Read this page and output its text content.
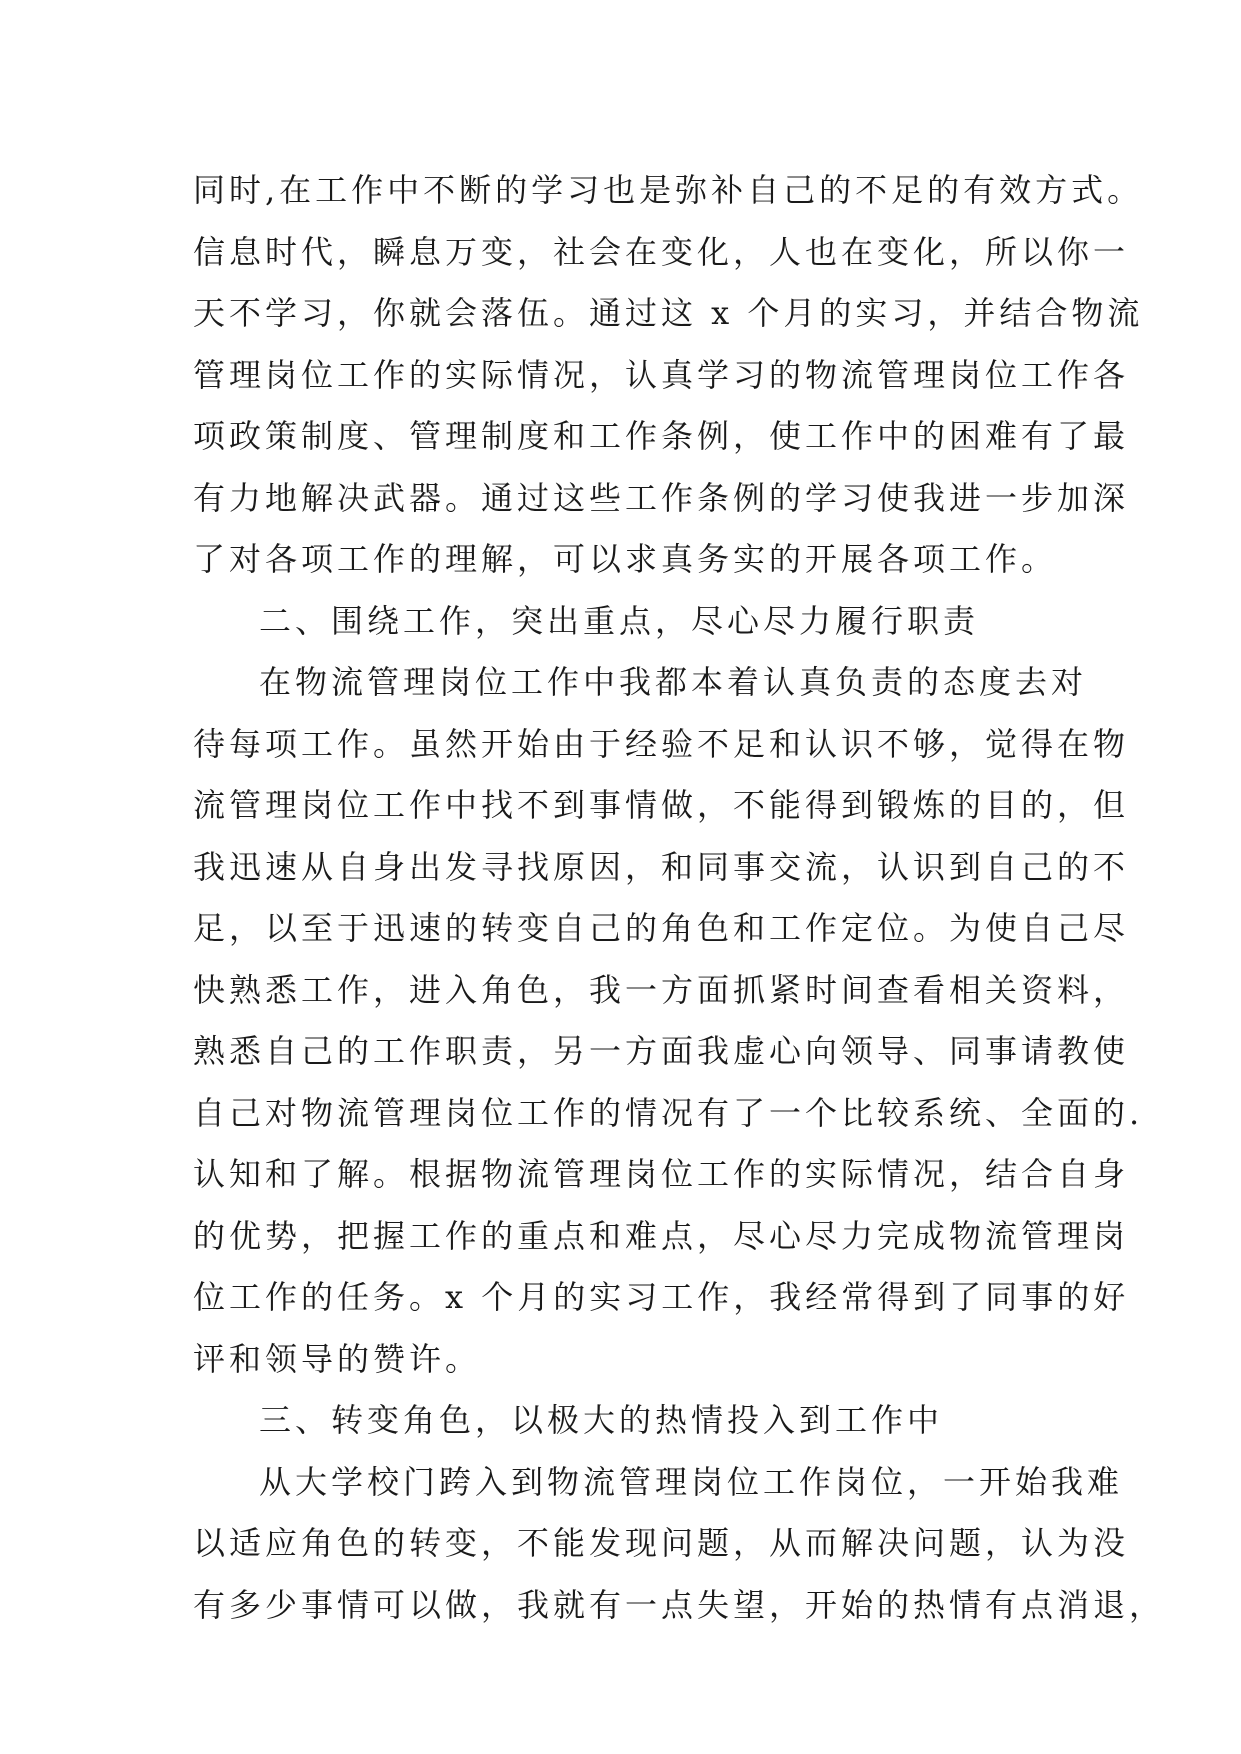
同时,在工作中不断的学习也是弥补自己的不足的有效方式。
信息时代，瞬息万变，社会在变化，人也在变化，所以你一
天不学习，你就会落伍。通过这 x 个月的实习，并结合物流
管理岗位工作的实际情况，认真学习的物流管理岗位工作各
项政策制度、管理制度和工作条例，使工作中的困难有了最
有力地解决武器。通过这些工作条例的学习使我进一步加深
了对各项工作的理解，可以求真务实的开展各项工作。
二、围绕工作，突出重点，尽心尽力履行职责
在物流管理岗位工作中我都本着认真负责的态度去对
待每项工作。虽然开始由于经验不足和认识不够，觉得在物
流管理岗位工作中找不到事情做，不能得到锻炼的目的，但
我迅速从自身出发寻找原因，和同事交流，认识到自己的不
足，以至于迅速的转变自己的角色和工作定位。为使自己尽
快熟悉工作，进入角色，我一方面抓紧时间查看相关资料，
熟悉自己的工作职责，另一方面我虚心向领导、同事请教使
自己对物流管理岗位工作的情况有了一个比较系统、全面的.
认知和了解。根据物流管理岗位工作的实际情况，结合自身
的优势，把握工作的重点和难点，尽心尽力完成物流管理岗
位工作的任务。x 个月的实习工作，我经常得到了同事的好
评和领导的赞许。
三、转变角色，以极大的热情投入到工作中
从大学校门跨入到物流管理岗位工作岗位，一开始我难
以适应角色的转变，不能发现问题，从而解决问题，认为没
有多少事情可以做，我就有一点失望，开始的热情有点消退，
